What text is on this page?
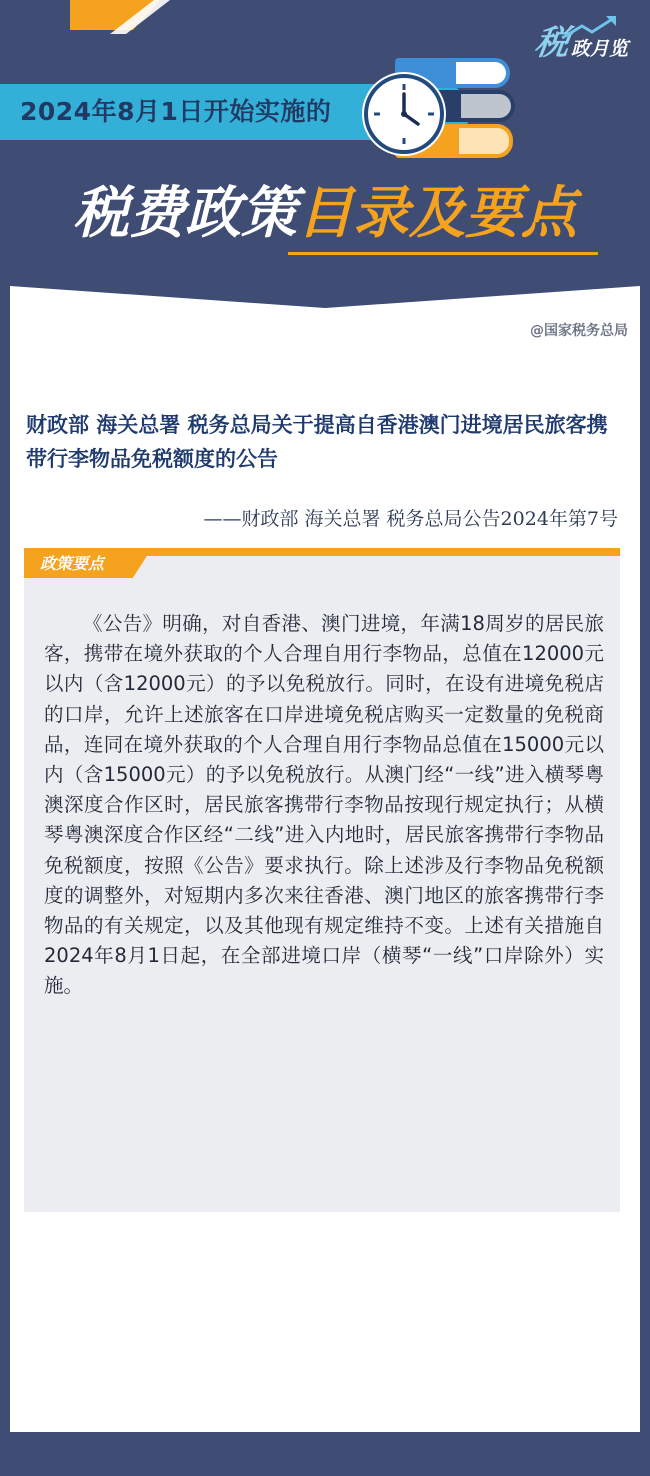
税 政月览
2024年8月1日开始实施的
税费政策目录及要点
@国家税务总局
财政部 海关总署 税务总局关于提高自香港澳门进境居民旅客携带行李物品免税额度的公告
——财政部 海关总署 税务总局公告2024年第7号
政策要点
《公告》明确，对自香港、澳门进境，年满18周岁的居民旅客，携带在境外获取的个人合理自用行李物品，总值在12000元以内（含12000元）的予以免税放行。同时，在设有进境免税店的口岸，允许上述旅客在口岸进境免税店购买一定数量的免税商品，连同在境外获取的个人合理自用行李物品总值在15000元以内（含15000元）的予以免税放行。从澳门经“一线”进入横琴粤澳深度合作区时，居民旅客携带行李物品按现行规定执行；从横琴粤澳深度合作区经“二线”进入内地时，居民旅客携带行李物品免税额度，按照《公告》要求执行。除上述涉及行李物品免税额度的调整外，对短期内多次来往香港、澳门地区的旅客携带行李物品的有关规定，以及其他现有规定维持不变。上述有关措施自2024年8月1日起，在全部进境口岸（横琴“一线”口岸除外）实施。
